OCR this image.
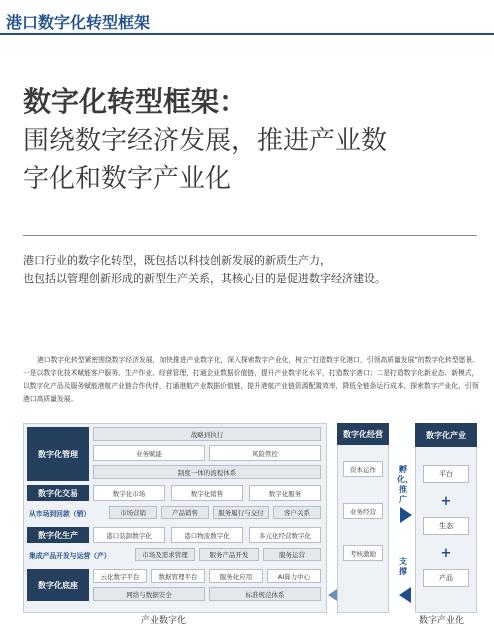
港口数字化转型框架
数字化转型框架：
围绕数字经济发展，推进产业数
字化和数字产业化
港口行业的数字化转型，既包括以科技创新发展的新质生产力，
也包括以管理创新形成的新型生产关系，其核心目的是促进数字经济建设。
港口数字化转型紧密围绕数字经济发展，加快推进产业数字化，深入探索数字产业化，树立“打造数字化港口，引领高质量发展”的数字化转型愿景。一是以数字化技术赋能客户服务、生产作业、经营管理，打通企业数据价值链，提升产业数字化水平，打造数字港口；二是打造数字化新业态、新模式，以数字化产品及服务赋能港航产业链合作伙伴，打通港航产业数据价值链，提升港航产业链资源配置效率，降低全链条运行成本，探索数字产业化，引领港口高质量发展。
数字化管理
战略到执行
业务赋能	风险管控
制度一体的流程体系
数字化交易	数字化市场	数字化销售	数字化服务
从市场到回款（销）	市场营销	产品销售	服务履行与交付	客户关系
数字化生产	港口装卸数字化	港口物流数字化	多元化经营数字化
集成产品开发与运营（产）	市场及需求管理	服务产品开发	服务运营
数字化底座
云化数字平台	数据管理平台	服务化应用	AI算力中心
网络与数据安全	标准规范体系
产业数字化
数字化经营
资本运作
业务经营
考核激励
孵化、推广
支撑
数字化产业
平台
+
生态
+
产品
数字产业化
